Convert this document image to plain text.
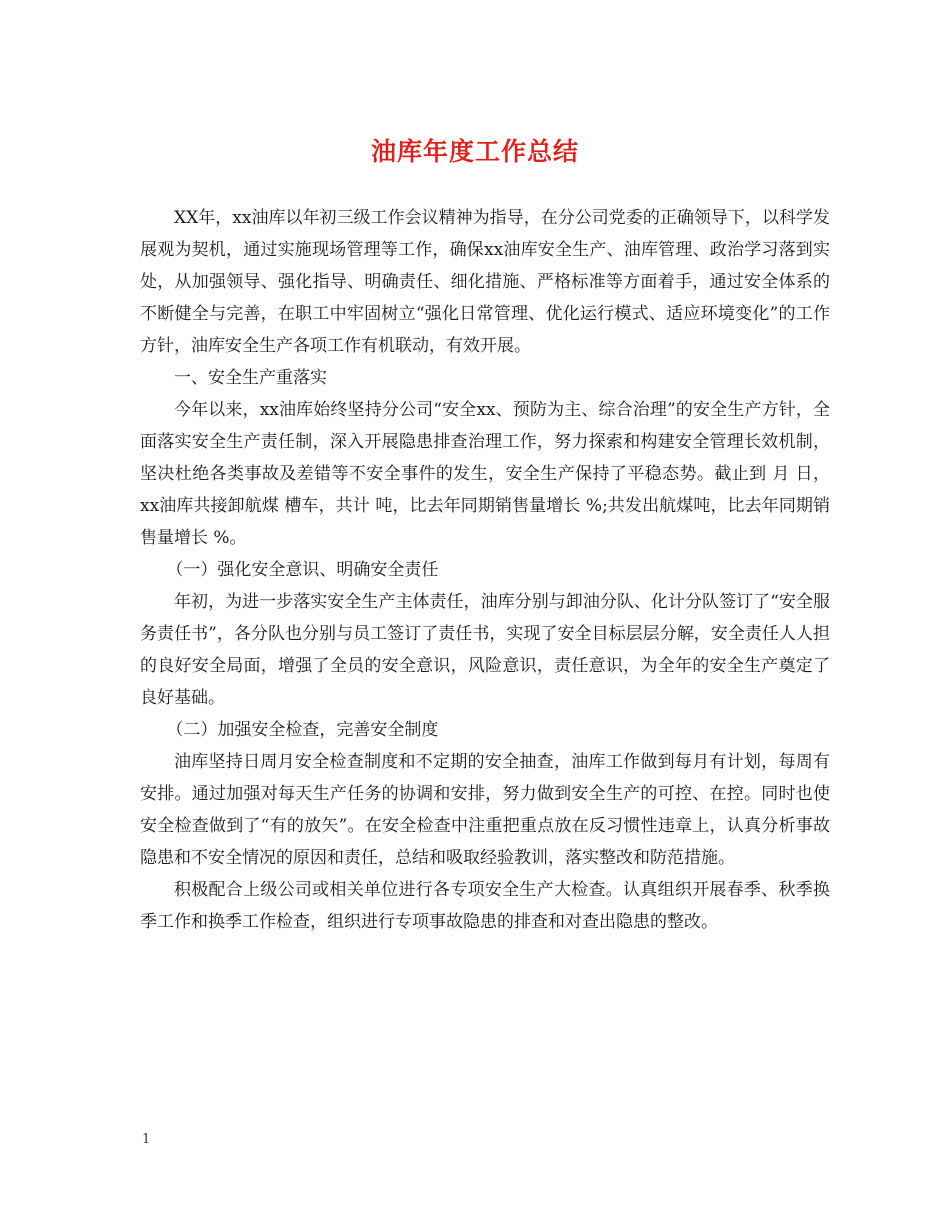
油库年度工作总结

XX年，xx油库以年初三级工作会议精神为指导，在分公司党委的正确领导下，以科学发展观为契机，通过实施现场管理等工作，确保xx油库安全生产、油库管理、政治学习落到实处，从加强领导、强化指导、明确责任、细化措施、严格标准等方面着手，通过安全体系的不断健全与完善，在职工中牢固树立“强化日常管理、优化运行模式、适应环境变化”的工作方针，油库安全生产各项工作有机联动，有效开展。

一、安全生产重落实

今年以来，xx油库始终坚持分公司“安全xx、预防为主、综合治理”的安全生产方针，全面落实安全生产责任制，深入开展隐患排查治理工作，努力探索和构建安全管理长效机制，坚决杜绝各类事故及差错等不安全事件的发生，安全生产保持了平稳态势。截止到 月 日，xx油库共接卸航煤 槽车，共计 吨，比去年同期销售量增长 %;共发出航煤吨，比去年同期销售量增长 %。

（一）强化安全意识、明确安全责任

年初，为进一步落实安全生产主体责任，油库分别与卸油分队、化计分队签订了“安全服务责任书”，各分队也分别与员工签订了责任书，实现了安全目标层层分解，安全责任人人担的良好安全局面，增强了全员的安全意识，风险意识，责任意识，为全年的安全生产奠定了良好基础。

（二）加强安全检查，完善安全制度

油库坚持日周月安全检查制度和不定期的安全抽查，油库工作做到每月有计划，每周有安排。通过加强对每天生产任务的协调和安排，努力做到安全生产的可控、在控。同时也使安全检查做到了“有的放矢”。在安全检查中注重把重点放在反习惯性违章上，认真分析事故隐患和不安全情况的原因和责任，总结和吸取经验教训，落实整改和防范措施。

积极配合上级公司或相关单位进行各专项安全生产大检查。认真组织开展春季、秋季换季工作和换季工作检查，组织进行专项事故隐患的排查和对查出隐患的整改。

1
